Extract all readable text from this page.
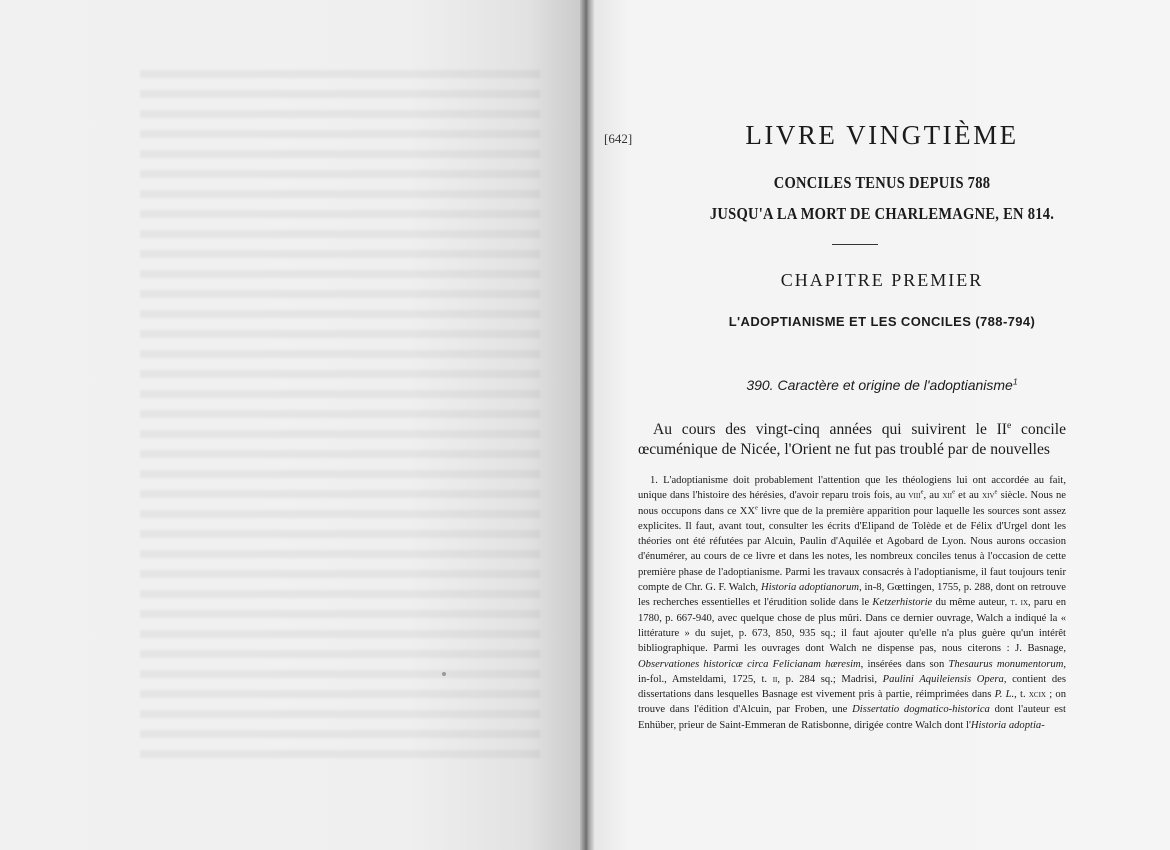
[642]	LIVRE VINGTIÈME
CONCILES TENUS DEPUIS 788
JUSQU'A LA MORT DE CHARLEMAGNE, EN 814.
CHAPITRE PREMIER
L'ADOPTIANISME ET LES CONCILES (788-794)
390. Caractère et origine de l'adoptianisme$^1$

Au cours des vingt-cinq années qui suivirent le IIe concile œcuménique de Nicée, l'Orient ne fut pas troublé par de nouvelles

1. L'adoptianisme doit probablement l'attention que les théologiens lui ont accordée au fait, unique dans l'histoire des hérésies, d'avoir reparu trois fois, au viii$^e$, au xii$^e$ et au xiv$^e$ siècle. Nous ne nous occupons dans ce XXe livre que de la première apparition pour laquelle les sources sont assez explicites. Il faut, avant tout, consulter les écrits d'Elipand de Tolède et de Félix d'Urgel dont les théories ont été réfutées par Alcuin, Paulin d'Aquilée et Agobard de Lyon. Nous aurons occasion d'énumérer, au cours de ce livre et dans les notes, les nombreux conciles tenus à l'occasion de cette première phase de l'adoptianisme. Parmi les travaux consacrés à l'adoptianisme, il faut toujours tenir compte de Chr. G. F. Walch, Historia adoptianorum, in-8, Gœttingen, 1755, p. 288, dont on retrouve les recherches essentielles et l'érudition solide dans le Ketzerhistorie du même auteur, t. ix, paru en 1780, p. 667-940, avec quelque chose de plus mûri. Dans ce dernier ouvrage, Walch a indiqué la « littérature » du sujet, p. 673, 850, 935 sq.; il faut ajouter qu'elle n'a plus guère qu'un intérêt bibliographique. Parmi les ouvrages dont Walch ne dispense pas, nous citerons : J. Basnage, Observationes historicæ circa Felicianam hæresim, insérées dans son Thesaurus monumentorum, in-fol., Amsteldami, 1725, t. ii, p. 284 sq.; Madrisi, Paulini Aquileiensis Opera, contient des dissertations dans lesquelles Basnage est vivement pris à partie, réimprimées dans P. L., t. xcix ; on trouve dans l'édition d'Alcuin, par Froben, une Dissertatio dogmatico-historica dont l'auteur est Enhüber, prieur de Saint-Emmeran de Ratisbonne, dirigée contre Walch dont l'Historia adoptia-
